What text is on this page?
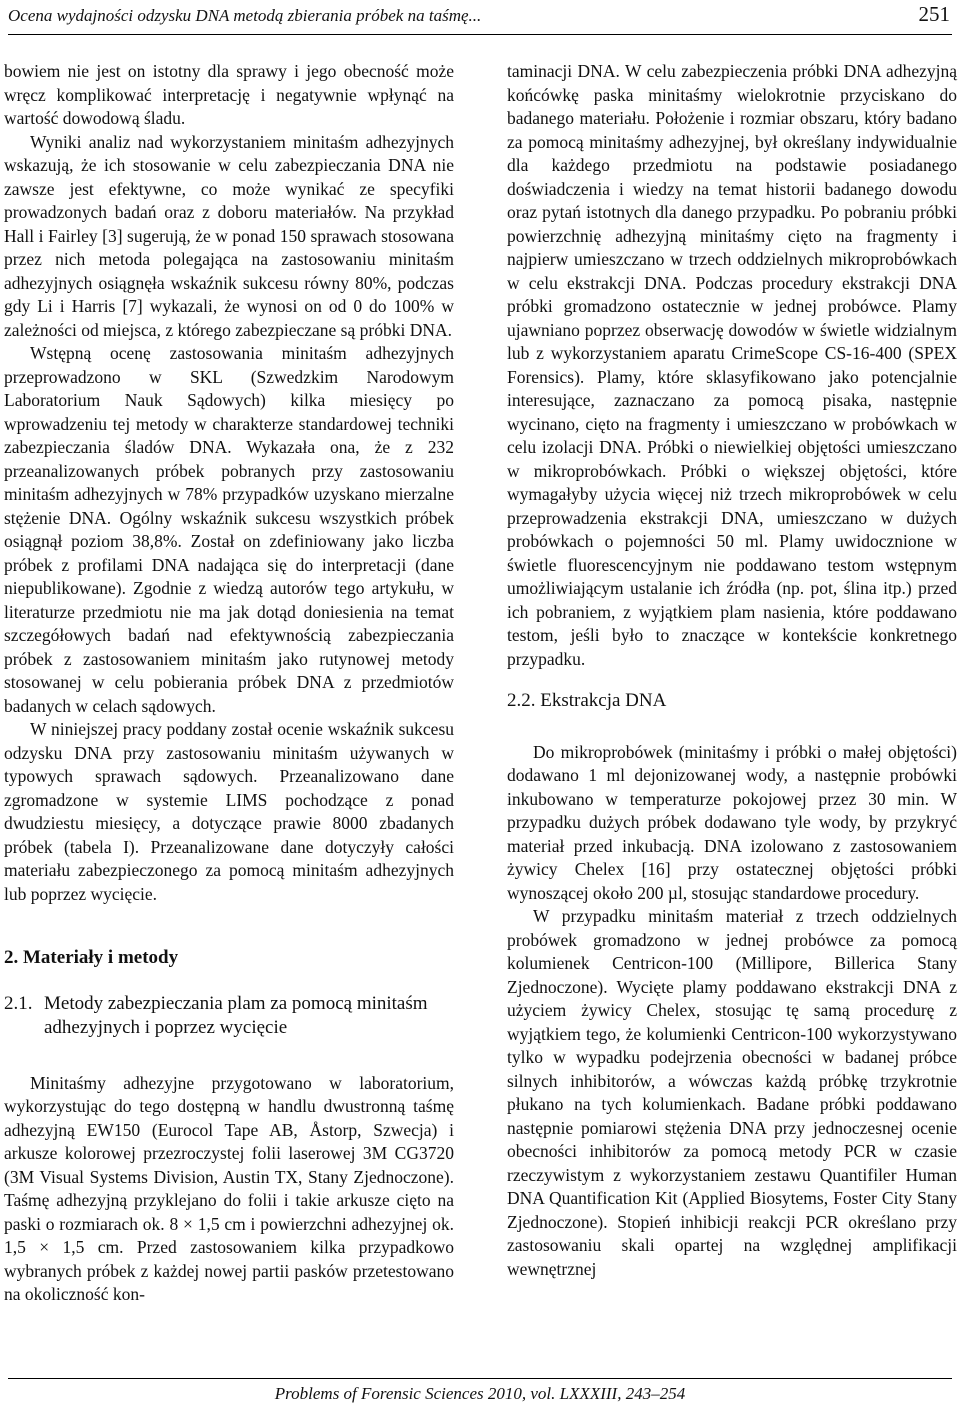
Ocena wydajności odzysku DNA metodą zbierania próbek na taśmę...	251

bowiem nie jest on istotny dla sprawy i jego obecność może wręcz komplikować interpretację i negatywnie wpłynąć na wartość dowodową śladu.

Wyniki analiz nad wykorzystaniem minitaśm adhezyjnych wskazują, że ich stosowanie w celu zabezpieczania DNA nie zawsze jest efektywne, co może wynikać ze specyfiki prowadzonych badań oraz z doboru materiałów. Na przykład Hall i Fairley [3] sugerują, że w ponad 150 sprawach stosowana przez nich metoda polegająca na zastosowaniu minitaśm adhezyjnych osiągnęła wskaźnik sukcesu równy 80%, podczas gdy Li i Harris [7] wykazali, że wynosi on od 0 do 100% w zależności od miejsca, z którego zabezpieczane są próbki DNA.

Wstępną ocenę zastosowania minitaśm adhezyjnych przeprowadzono w SKL (Szwedzkim Narodowym Laboratorium Nauk Sądowych) kilka miesięcy po wprowadzeniu tej metody w charakterze standardowej techniki zabezpieczania śladów DNA. Wykazała ona, że z 232 przeanalizowanych próbek pobranych przy zastosowaniu minitaśm adhezyjnych w 78% przypadków uzyskano mierzalne stężenie DNA. Ogólny wskaźnik sukcesu wszystkich próbek osiągnął poziom 38,8%. Został on zdefiniowany jako liczba próbek z profilami DNA nadająca się do interpretacji (dane niepublikowane). Zgodnie z wiedzą autorów tego artykułu, w literaturze przedmiotu nie ma jak dotąd doniesienia na temat szczegółowych badań nad efektywnością zabezpieczania próbek z zastosowaniem minitaśm jako rutynowej metody stosowanej w celu pobierania próbek DNA z przedmiotów badanych w celach sądowych.

W niniejszej pracy poddany został ocenie wskaźnik sukcesu odzysku DNA przy zastosowaniu minitaśm używanych w typowych sprawach sądowych. Przeanalizowano dane zgromadzone w systemie LIMS pochodzące z ponad dwudziestu miesięcy, a dotyczące prawie 8000 zbadanych próbek (tabela I). Przeanalizowane dane dotyczyły całości materiału zabezpieczonego za pomocą minitaśm adhezyjnych lub poprzez wycięcie.

2. Materiały i metody
2.1. Metody zabezpieczania plam za pomocą minitaśm adhezyjnych i poprzez wycięcie

Minitaśmy adhezyjne przygotowano w laboratorium, wykorzystując do tego dostępną w handlu dwustronną taśmę adhezyjną EW150 (Eurocol Tape AB, Åstorp, Szwecja) i arkusze kolorowej przezroczystej folii laserowej 3M CG3720 (3M Visual Systems Division, Austin TX, Stany Zjednoczone). Taśmę adhezyjną przyklejano do folii i takie arkusze cięto na paski o rozmiarach ok. 8 × 1,5 cm i powierzchni adhezyjnej ok. 1,5 × 1,5 cm. Przed zastosowaniem kilka przypadkowo wybranych próbek z każdej nowej partii pasków przetestowano na okoliczność kon-

taminacji DNA. W celu zabezpieczenia próbki DNA adhezyjną końcówkę paska minitaśmy wielokrotnie przyciskano do badanego materiału. Położenie i rozmiar obszaru, który badano za pomocą minitaśmy adhezyjnej, był określany indywidualnie dla każdego przedmiotu na podstawie posiadanego doświadczenia i wiedzy na temat historii badanego dowodu oraz pytań istotnych dla danego przypadku. Po pobraniu próbki powierzchnię adhezyjną minitaśmy cięto na fragmenty i najpierw umieszczano w trzech oddzielnych mikroprobówkach w celu ekstrakcji DNA. Podczas procedury ekstrakcji DNA próbki gromadzono ostatecznie w jednej probówce. Plamy ujawniano poprzez obserwację dowodów w świetle widzialnym lub z wykorzystaniem aparatu CrimeScope CS-16-400 (SPEX Forensics). Plamy, które sklasyfikowano jako potencjalnie interesujące, zaznaczano za pomocą pisaka, następnie wycinano, cięto na fragmenty i umieszczano w probówkach w celu izolacji DNA. Próbki o niewielkiej objętości umieszczano w mikroprobówkach. Próbki o większej objętości, które wymagałyby użycia więcej niż trzech mikroprobówek w celu przeprowadzenia ekstrakcji DNA, umieszczano w dużych probówkach o pojemności 50 ml. Plamy uwidocznione w świetle fluorescencyjnym nie poddawano testom wstępnym umożliwiającym ustalanie ich źródła (np. pot, ślina itp.) przed ich pobraniem, z wyjątkiem plam nasienia, które poddawano testom, jeśli było to znaczące w kontekście konkretnego przypadku.

2.2. Ekstrakcja DNA

Do mikroprobówek (minitaśmy i próbki o małej objętości) dodawano 1 ml dejonizowanej wody, a następnie probówki inkubowano w temperaturze pokojowej przez 30 min. W przypadku dużych próbek dodawano tyle wody, by przykryć materiał przed inkubacją. DNA izolowano z zastosowaniem żywicy Chelex [16] przy ostatecznej objętości próbki wynoszącej około 200 µl, stosując standardowe procedury.

W przypadku minitaśm materiał z trzech oddzielnych probówek gromadzono w jednej probówce za pomocą kolumienek Centricon-100 (Millipore, Billerica Stany Zjednoczone). Wycięte plamy poddawano ekstrakcji DNA z użyciem żywicy Chelex, stosując tę samą procedurę z wyjątkiem tego, że kolumienki Centricon-100 wykorzystywano tylko w wypadku podejrzenia obecności w badanej próbce silnych inhibitorów, a wówczas każdą próbkę trzykrotnie płukano na tych kolumienkach. Badane próbki poddawano następnie pomiarowi stężenia DNA przy jednoczesnej ocenie obecności inhibitorów za pomocą metody PCR w czasie rzeczywistym z wykorzystaniem zestawu Quantifiler Human DNA Quantification Kit (Applied Biosytems, Foster City Stany Zjednoczone). Stopień inhibicji reakcji PCR określano przy zastosowaniu skali opartej na względnej amplifikacji wewnętrznej

Problems of Forensic Sciences 2010, vol. LXXXIII, 243–254
